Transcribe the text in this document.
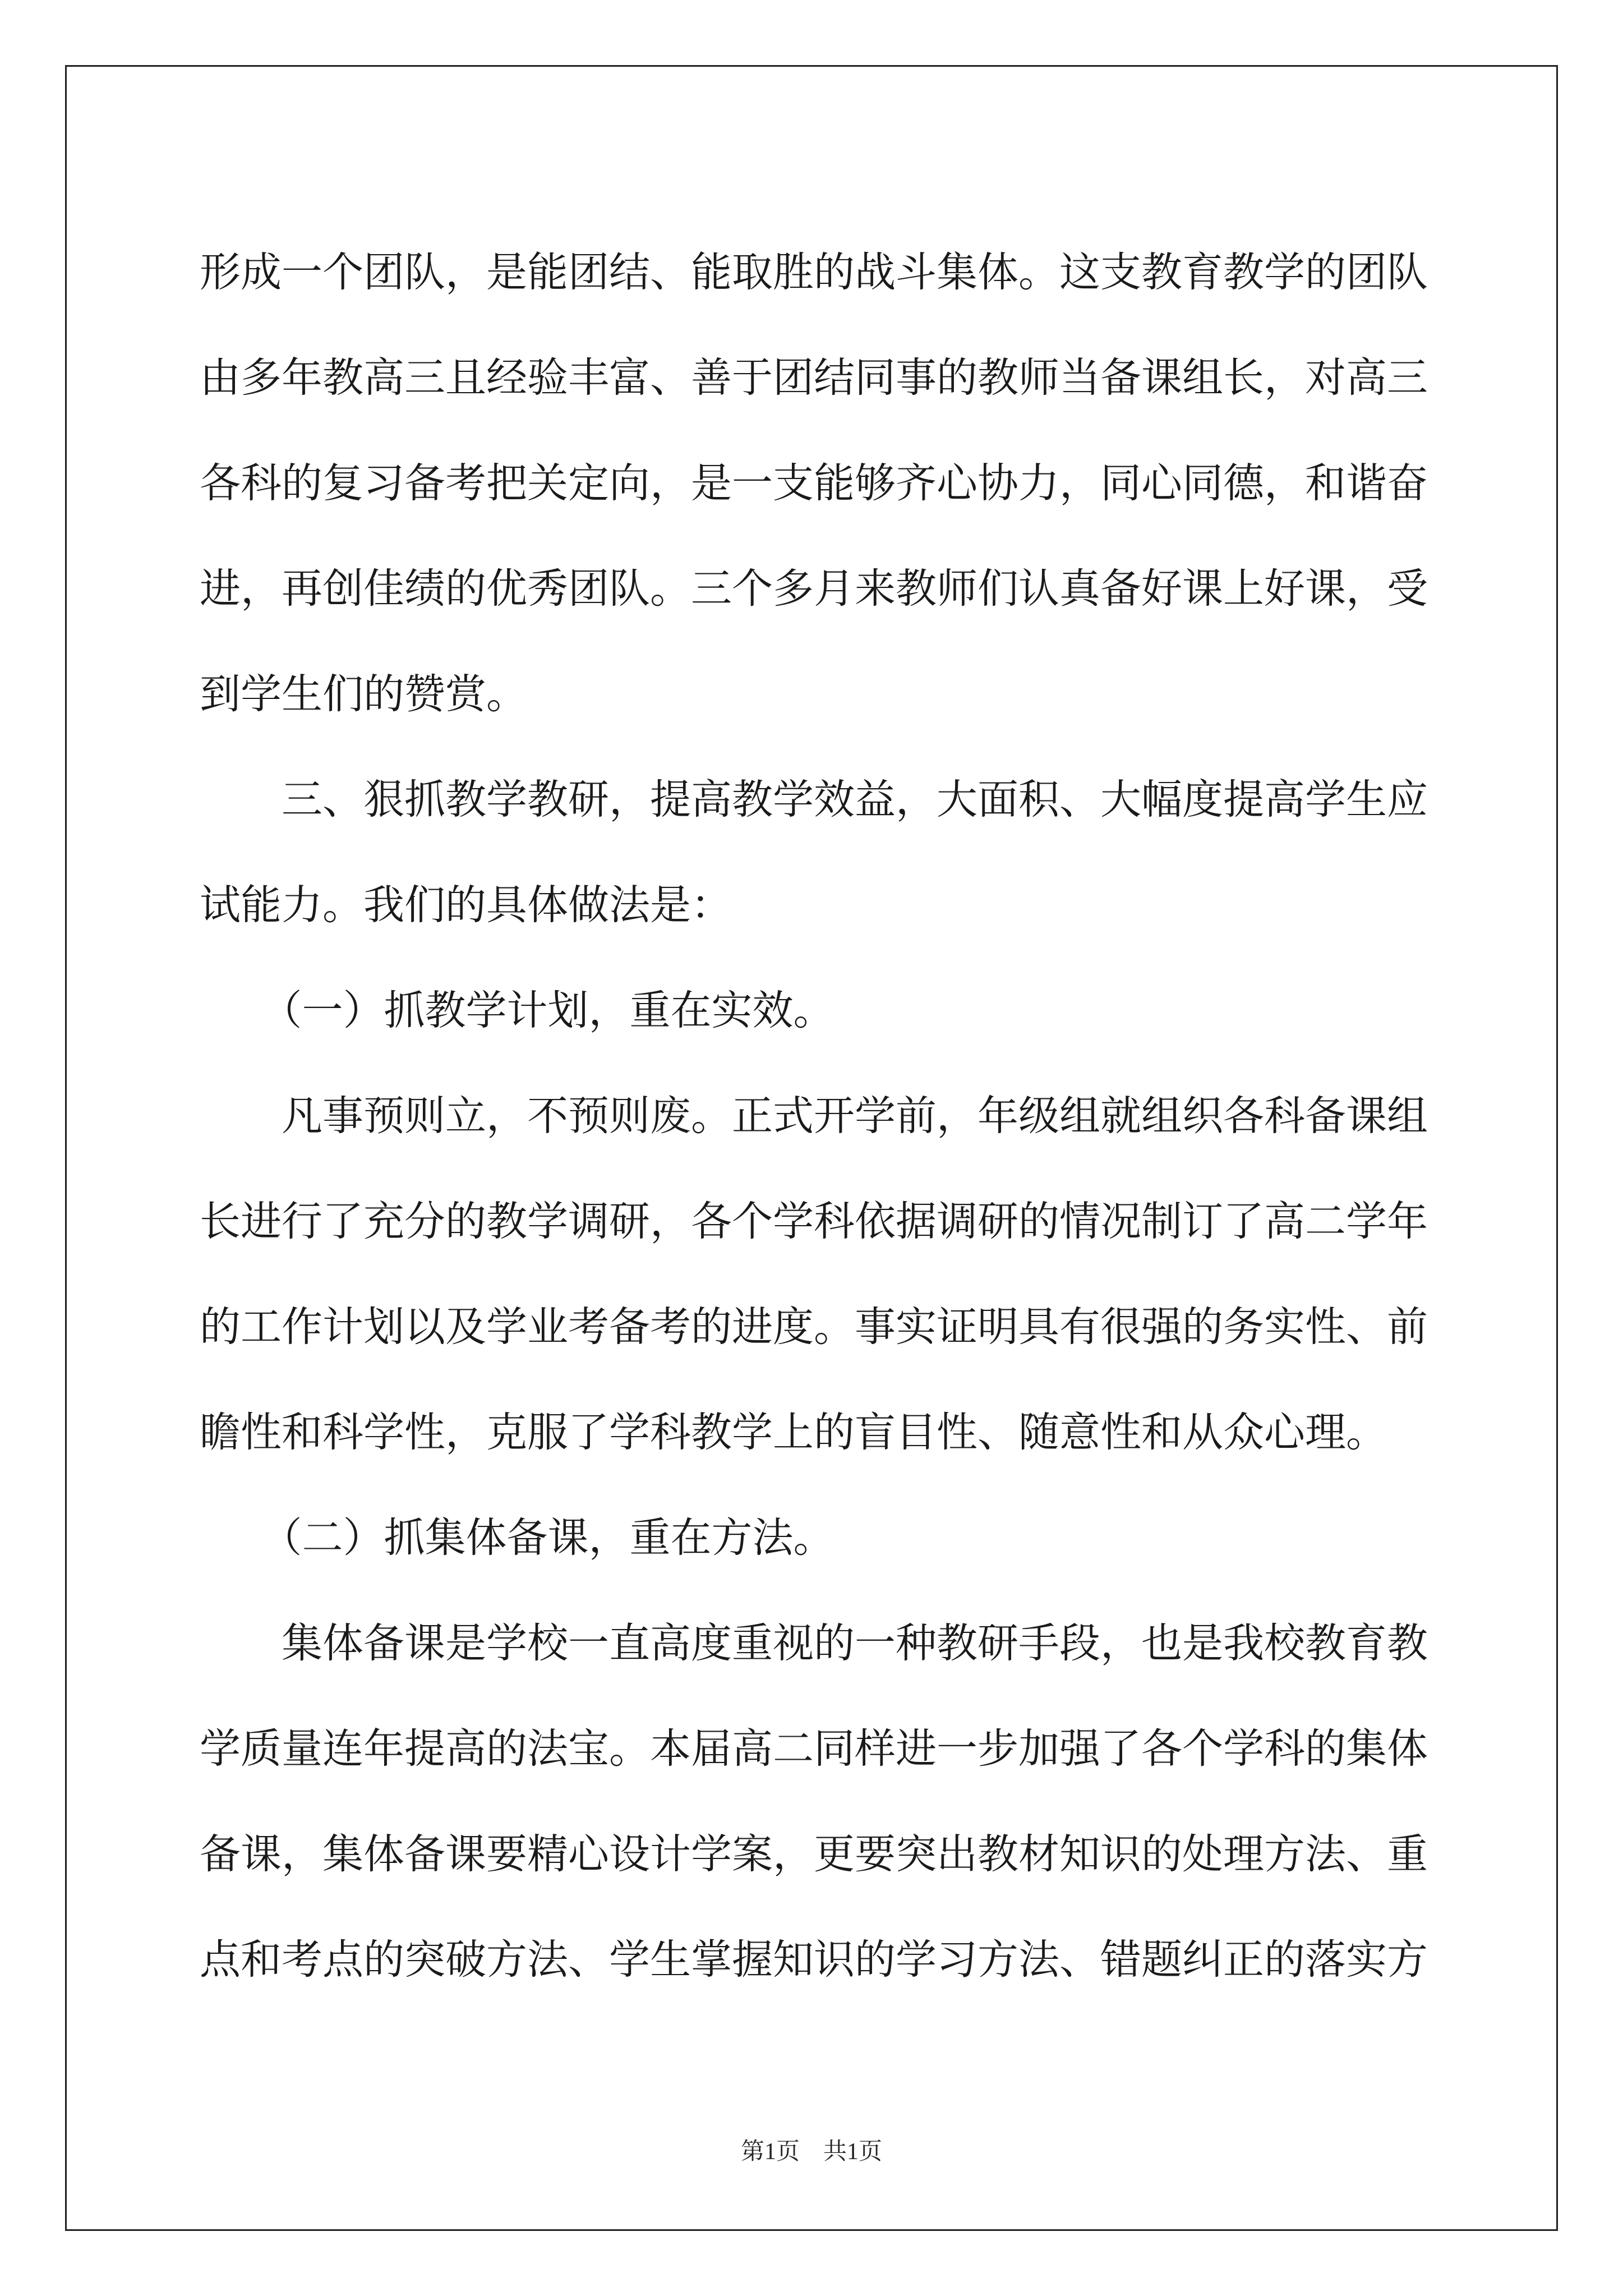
形成一个团队，是能团结、能取胜的战斗集体。这支教育教学的团队
由多年教高三且经验丰富、善于团结同事的教师当备课组长，对高三
各科的复习备考把关定向，是一支能够齐心协力，同心同德，和谐奋
进，再创佳绩的优秀团队。三个多月来教师们认真备好课上好课，受
到学生们的赞赏。
　　三、狠抓教学教研，提高教学效益，大面积、大幅度提高学生应
试能力。我们的具体做法是：
　　（一）抓教学计划，重在实效。
　　凡事预则立，不预则废。正式开学前，年级组就组织各科备课组
长进行了充分的教学调研，各个学科依据调研的情况制订了高二学年
的工作计划以及学业考备考的进度。事实证明具有很强的务实性、前
瞻性和科学性，克服了学科教学上的盲目性、随意性和从众心理。
　　（二）抓集体备课，重在方法。
　　集体备课是学校一直高度重视的一种教研手段，也是我校教育教
学质量连年提高的法宝。本届高二同样进一步加强了各个学科的集体
备课，集体备课要精心设计学案，更要突出教材知识的处理方法、重
点和考点的突破方法、学生掌握知识的学习方法、错题纠正的落实方
第1页　共1页
